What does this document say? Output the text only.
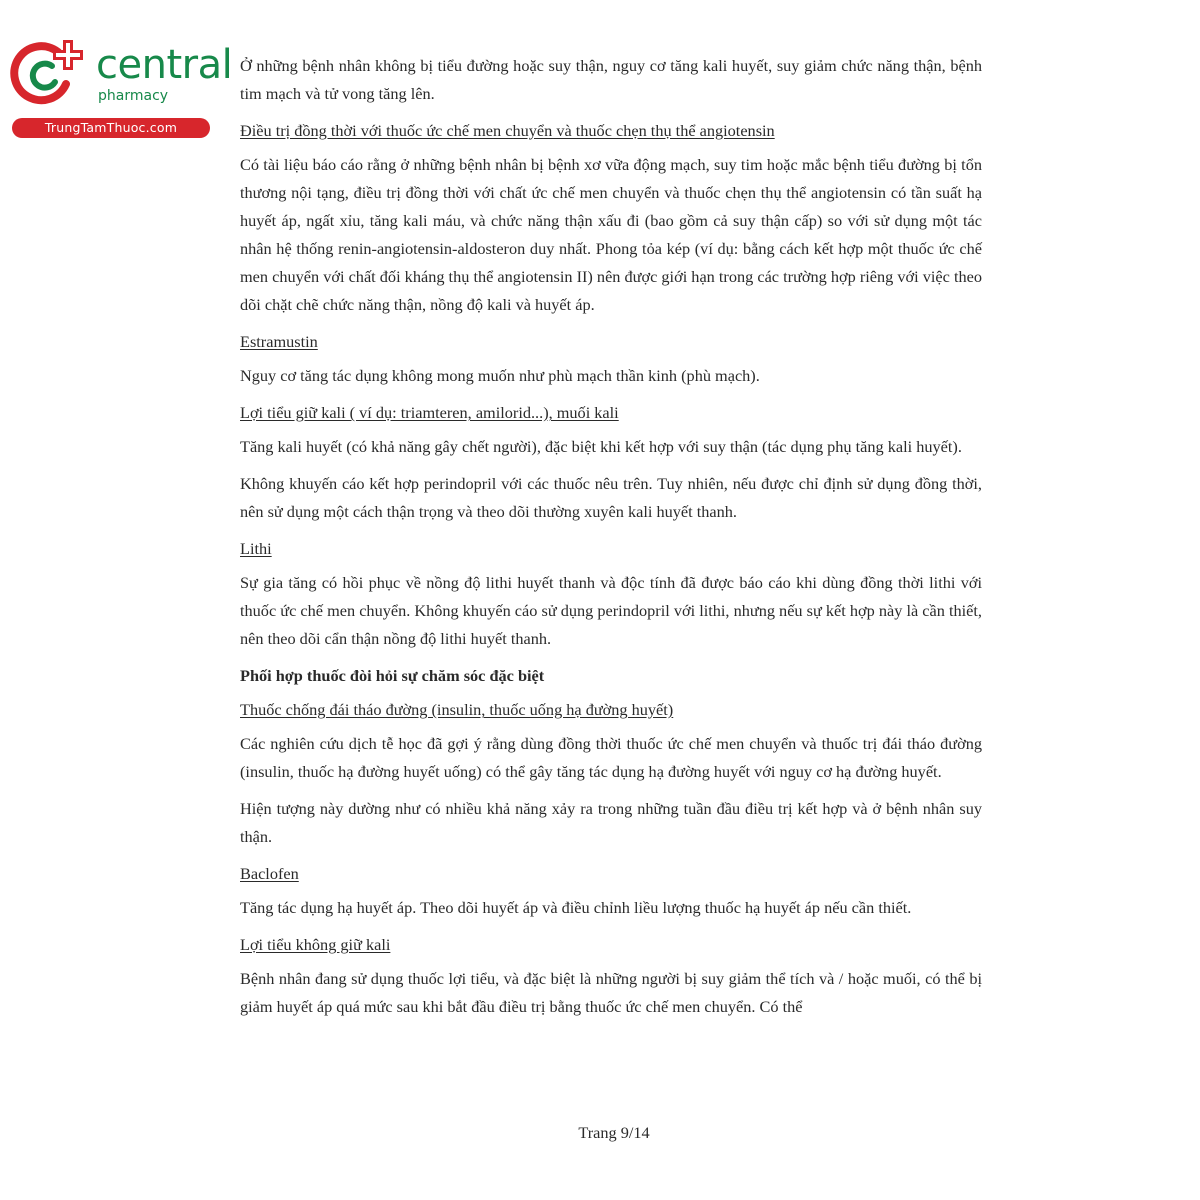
central
pharmacy
TrungTamThuoc.com

Ở những bệnh nhân không bị tiểu đường hoặc suy thận, nguy cơ tăng kali huyết, suy giảm chức năng thận, bệnh tim mạch và tử vong tăng lên.

Điều trị đồng thời với thuốc ức chế men chuyển và thuốc chẹn thụ thể angiotensin

Có tài liệu báo cáo rằng ở những bệnh nhân bị bệnh xơ vữa động mạch, suy tim hoặc mắc bệnh tiểu đường bị tổn thương nội tạng, điều trị đồng thời với chất ức chế men chuyển và thuốc chẹn thụ thể angiotensin có tần suất hạ huyết áp, ngất xỉu, tăng kali máu, và chức năng thận xấu đi (bao gồm cả suy thận cấp) so với sử dụng một tác nhân hệ thống renin-angiotensin-aldosteron duy nhất. Phong tỏa kép (ví dụ: bằng cách kết hợp một thuốc ức chế men chuyển với chất đối kháng thụ thể angiotensin II) nên được giới hạn trong các trường hợp riêng với việc theo dõi chặt chẽ chức năng thận, nồng độ kali và huyết áp.

Estramustin

Nguy cơ tăng tác dụng không mong muốn như phù mạch thần kinh (phù mạch).

Lợi tiểu giữ kali ( ví dụ: triamteren, amilorid...), muối kali

Tăng kali huyết (có khả năng gây chết người), đặc biệt khi kết hợp với suy thận (tác dụng phụ tăng kali huyết).

Không khuyến cáo kết hợp perindopril với các thuốc nêu trên. Tuy nhiên, nếu được chỉ định sử dụng đồng thời, nên sử dụng một cách thận trọng và theo dõi thường xuyên kali huyết thanh.

Lithi

Sự gia tăng có hồi phục về nồng độ lithi huyết thanh và độc tính đã được báo cáo khi dùng đồng thời lithi với thuốc ức chế men chuyển. Không khuyến cáo sử dụng perindopril với lithi, nhưng nếu sự kết hợp này là cần thiết, nên theo dõi cẩn thận nồng độ lithi huyết thanh.

Phối hợp thuốc đòi hỏi sự chăm sóc đặc biệt

Thuốc chống đái tháo đường (insulin, thuốc uống hạ đường huyết)

Các nghiên cứu dịch tễ học đã gợi ý rằng dùng đồng thời thuốc ức chế men chuyển và thuốc trị đái tháo đường (insulin, thuốc hạ đường huyết uống) có thể gây tăng tác dụng hạ đường huyết với nguy cơ hạ đường huyết.

Hiện tượng này dường như có nhiều khả năng xảy ra trong những tuần đầu điều trị kết hợp và ở bệnh nhân suy thận.

Baclofen

Tăng tác dụng hạ huyết áp. Theo dõi huyết áp và điều chỉnh liều lượng thuốc hạ huyết áp nếu cần thiết.

Lợi tiểu không giữ kali

Bệnh nhân đang sử dụng thuốc lợi tiểu, và đặc biệt là những người bị suy giảm thể tích và / hoặc muối, có thể bị giảm huyết áp quá mức sau khi bắt đầu điều trị bằng thuốc ức chế men chuyển. Có thể

Trang 9/14
